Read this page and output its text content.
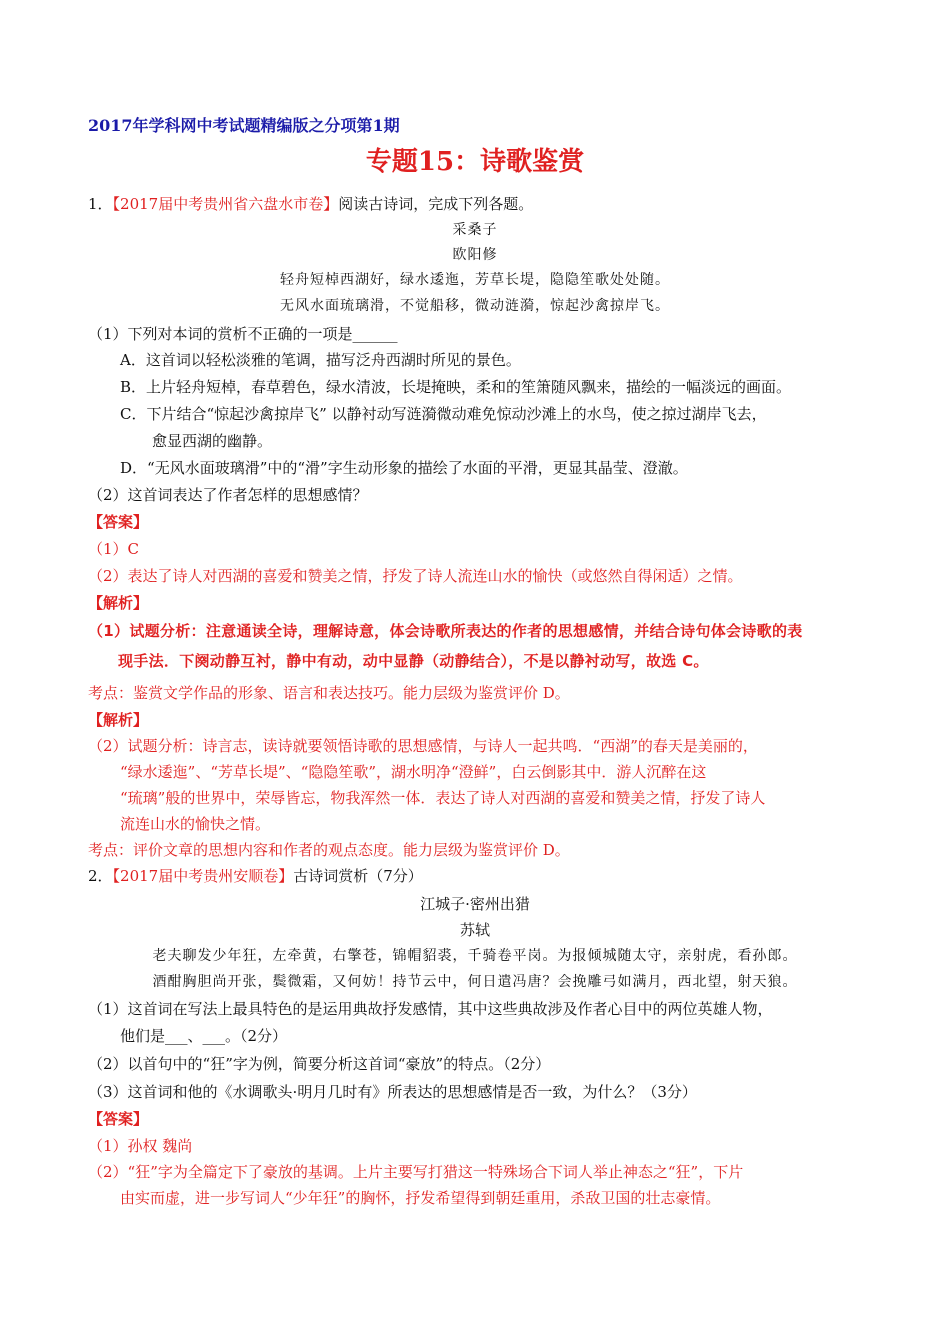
2017年学科网中考试题精编版之分项第1期
专题15：诗歌鉴赏
1．【2017届中考贵州省六盘水市卷】阅读古诗词，完成下列各题。
采桑子
欧阳修
轻舟短棹西湖好，绿水逶迤，芳草长堤，隐隐笙歌处处随。
无风水面琉璃滑，不觉船移，微动涟漪，惊起沙禽掠岸飞。
（1）下列对本词的赏析不正确的一项是______
A．这首词以轻松淡雅的笔调，描写泛舟西湖时所见的景色。
B．上片轻舟短棹，春草碧色，绿水清波，长堤掩映，柔和的笙箫随风飘来，描绘的一幅淡远的画面。
C．下片结合“惊起沙禽掠岸飞” 以静衬动写涟漪微动难免惊动沙滩上的水鸟，使之掠过湖岸飞去，
愈显西湖的幽静。
D．“无风水面玻璃滑”中的“滑”字生动形象的描绘了水面的平滑，更显其晶莹、澄澈。
（2）这首词表达了作者怎样的思想感情？
【答案】
（1）C
（2）表达了诗人对西湖的喜爱和赞美之情，抒发了诗人流连山水的愉快（或悠然自得闲适）之情。
【解析】
（1）试题分析：注意通读全诗，理解诗意，体会诗歌所表达的作者的思想感情，并结合诗句体会诗歌的表
现手法．下阕动静互衬，静中有动，动中显静（动静结合），不是以静衬动写，故选 C。
考点：鉴赏文学作品的形象、语言和表达技巧。能力层级为鉴赏评价 D。
【解析】
（2）试题分析：诗言志，读诗就要领悟诗歌的思想感情，与诗人一起共鸣．“西湖”的春天是美丽的，
“绿水逶迤”、“芳草长堤”、“隐隐笙歌”，湖水明净“澄鲜”，白云倒影其中．游人沉醉在这
“琉璃”般的世界中，荣辱皆忘，物我浑然一体．表达了诗人对西湖的喜爱和赞美之情，抒发了诗人
流连山水的愉快之情。
考点：评价文章的思想内容和作者的观点态度。能力层级为鉴赏评价 D。
2．【2017届中考贵州安顺卷】古诗词赏析（7分）
江城子·密州出猎
苏轼
老夫聊发少年狂，左牵黄，右擎苍，锦帽貂裘，千骑卷平岗。为报倾城随太守，亲射虎，看孙郎。
酒酣胸胆尚开张，鬓微霜，又何妨！持节云中，何日遣冯唐？会挽雕弓如满月，西北望，射天狼。
（1）这首词在写法上最具特色的是运用典故抒发感情，其中这些典故涉及作者心目中的两位英雄人物，
他们是___、___。（2分）
（2）以首句中的“狂”字为例，简要分析这首词“豪放”的特点。（2分）
（3）这首词和他的《水调歌头·明月几时有》所表达的思想感情是否一致，为什么？（3分）
【答案】
（1）孙权 魏尚
（2）“狂”字为全篇定下了豪放的基调。上片主要写打猎这一特殊场合下词人举止神态之“狂”，下片
由实而虚，进一步写词人“少年狂”的胸怀，抒发希望得到朝廷重用，杀敌卫国的壮志豪情。
